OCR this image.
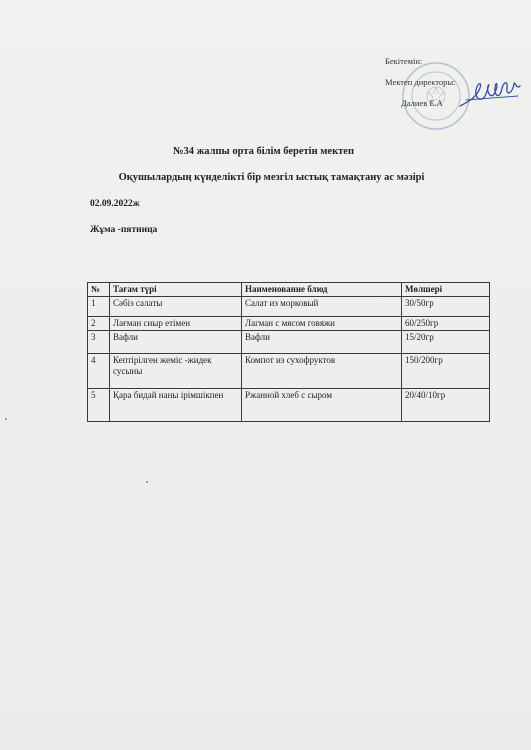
Бекітемін:
Мектеп директоры:
Далиев Е.А
№34 жалпы орта білім беретін мектеп
Оқушылардың күнделікті бір мезгіл ыстық тамақтану ас мәзірі
02.09.2022ж
Жұма -пятница
№	Тағам түрі	Наименование блюд	Мөлшері
1	Сәбіз салаты	Салат из морковый	30/50гр
2	Лағман сиыр етімен	Лагман с мясом говяжи	60/250гр
3	Вафли	Вафли	15/20гр
4	Кептірілген жеміс -жидек сусыны	Компот из сухофруктов	150/200гр
5	Қара бидай наны ірімшікпен	Ржанной хлеб с сыром	20/40/10гр
